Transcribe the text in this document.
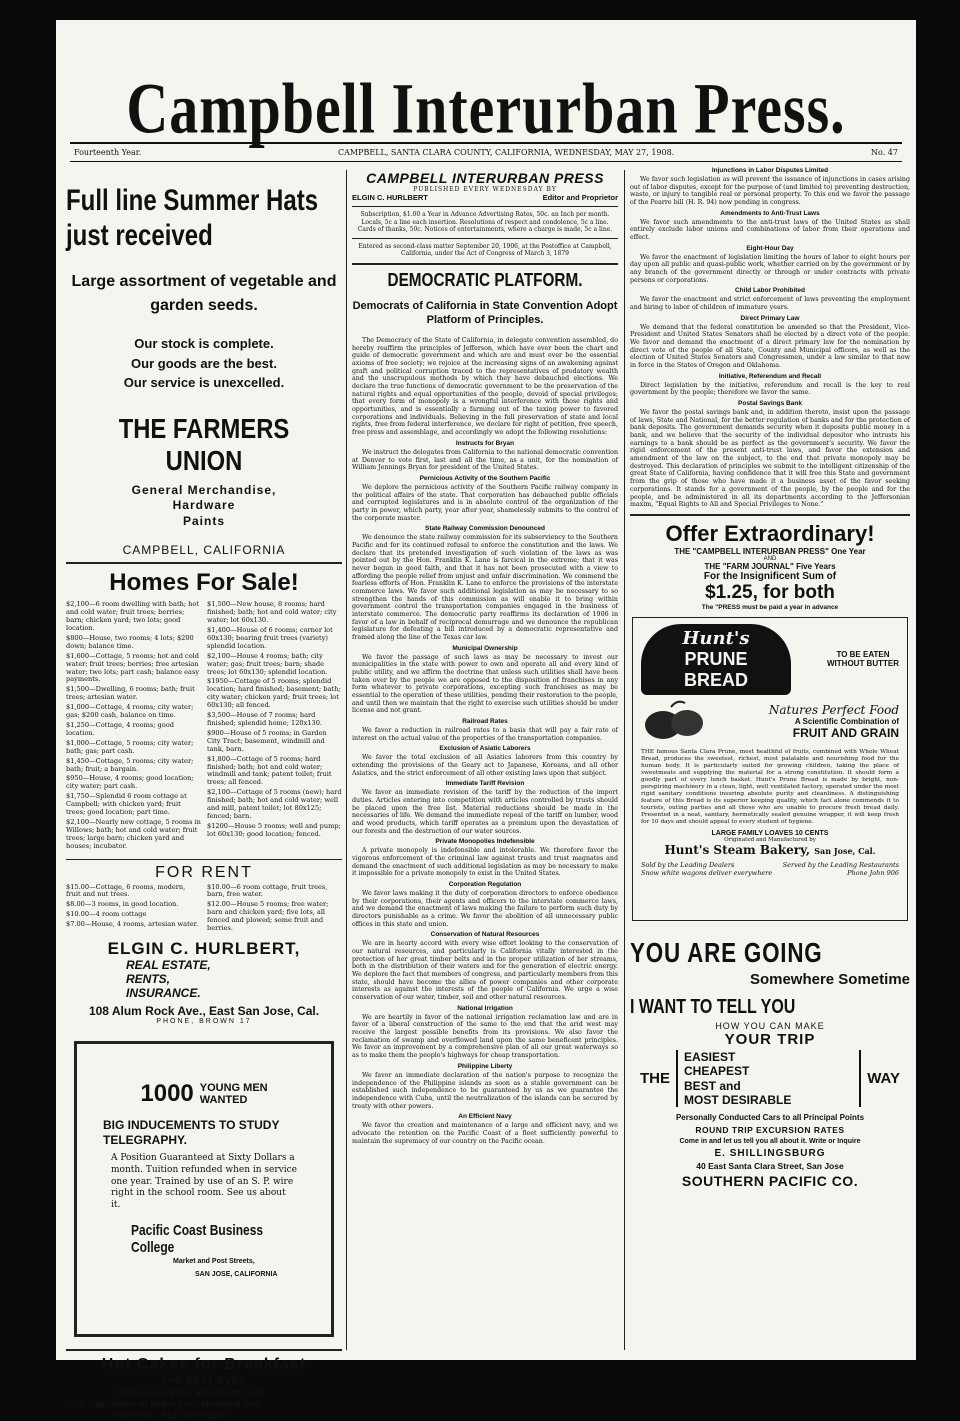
Campbell Interurban Press.
Fourteenth Year.	CAMPBELL, SANTA CLARA COUNTY, CALIFORNIA, WEDNESDAY, MAY 27, 1908.	No. 47
Full line Summer Hats just received
Large assortment of vegetable and garden seeds.
Our stock is complete.
Our goods are the best.
Our service is unexcelled.
THE FARMERS UNION
General Merchandise,
Hardware
Paints
CAMPBELL, CALIFORNIA
Homes For Sale!
$2,100—6 room dwelling with bath; hot and cold water; fruit trees; berries; barn; chicken yard; two lots; good location.
$800—House, two rooms; 4 lots; $200 down; balance time.
$1,600—Cottage, 5 rooms; hot and cold water; fruit trees; berries; free artesian water; two lots; part cash; balance easy payments.
$1,500—Dwelling, 6 rooms; bath; fruit trees; artesian water.
$1,000—Cottage, 4 rooms; city water; gas; $200 cash, balance on time.
$1,250—Cottage, 4 rooms; good location.
$1,000—Cottage, 5 rooms; city water; bath; gas; part cash.
$1,450—Cottage, 5 rooms; city water; bath; fruit; a bargain.
$950—House, 4 rooms; good location; city water; part cash.
$1,750—Splendid 6 room cottage at Campbell; with chicken yard; fruit trees; good location; part time.
$2,100—Nearly new cottage, 5 rooms in Willows; bath; hot and cold water; fruit trees; large barn; chicken yard and houses; incubator.
$1,500—New house, 8 rooms; hard finished; bath; hot and cold water; city water; lot 60x130.
$1,400—House of 6 rooms; corner lot 60x130; bearing fruit trees (variety) splendid location.
$2,100—House 4 rooms; bath; city water; gas; fruit trees; barn; shade trees; lot 60x130; splendid location.
$1950—Cottage of 5 rooms; splendid location; hard finished; basement; bath; city water; chicken yard; fruit trees; lot 60x130; all fenced.
$3,500—House of 7 rooms; hard finished; splendid home; 120x130.
$900—House of 5 rooms; in Garden City Tract; basement, windmill and tank, barn.
$1,800—Cottage of 5 rooms; hard finished; bath; hot and cold water; windmill and tank; patent toilet; fruit trees; all fenced.
$2,100—Cottage of 5 rooms (new); hard finished; bath; hot and cold water; well and mill, patent toilet; lot 80x125; fenced; barn.
$1200—House 5 rooms; well and pump; lot 60x130; good location; fenced.
FOR RENT
$15.00—Cottage, 6 rooms, modern, fruit and nut trees.
$8.00—3 rooms, in good location.
$10.00—4 room cottage
$7.00—House, 4 rooms, artesian water.
$10.00—6 room cottage, fruit trees, barn, free water.
$12.00—House 5 rooms; free water; barn and chicken yard; five lots, all fenced and plowed; some fruit and berries.
ELGIN C. HURLBERT,
REAL ESTATE,
RENTS,
INSURANCE.
108 Alum Rock Ave., East San Jose, Cal.
PHONE, BROWN 17
1000 YOUNG MEN
WANTED
BIG INDUCEMENTS TO STUDY TELEGRAPHY.
A Position Guaranteed at Sixty Dollars a month. Tuition refunded when in service one year. Trained by use of an S. P. wire right in the school room. See us about it.
Pacific Coast Business College
Market and Post Streets,
SAN JOSE, CALIFORNIA
Hot Cakes for Breakfast
THE BEST EVER
USE ❧
3 B. Pancake Flour Mixed with Cold
Water or Milk—Pure, Healthful and
Delicious. ALL GROCERS
CAMPBELL INTERURBAN PRESS
PUBLISHED EVERY WEDNESDAY BY
ELGIN C. HURLBERT	Editor and Proprietor
Subscription, $1.00 a Year in Advance Advertising Rates, 50c. an Inch per month. Locals, 5c a line each insertion. Resolutions of respect and condolence, 5c a line. Cards of thanks, 50c. Notices of entertainments, where a charge is made, 5c a line.
Entered as second-class matter September 20, 1906, at the Postoffice at Campbell, California, under the Act of Congress of March 3, 1879
DEMOCRATIC PLATFORM.
Democrats of California in State Convention Adopt Platform of Principles.
The Democracy of the State of California, in delegate convention assembled, do hereby reaffirm the principles of Jefferson, which have ever been the chart and guide of democratic government and which are and must ever be the essential axioms of free society; we rejoice at the increasing signs of an awakening against graft and political corruption traced to the representatives of predatory wealth and the unscrupulous methods by which they have debauched elections. We declare the true functions of democratic government to be the preservation of the natural rights and equal opportunities of the people, devoid of special privileges; that every form of monopoly is a wrongful interference with those rights and opportunities, and is essentially a farming out of the taxing power to favored corporations and individuals. Believing in the full preservation of state and local rights, free from federal interference, we declare for right of petition, free speech, free press and assemblage, and accordingly we adopt the following resolutions:
Instructs for Bryan
We instruct the delegates from California to the national democratic convention at Denver to vote first, last and all the time, as a unit, for the nomination of William Jennings Bryan for president of the United States.
Pernicious Activity of the Southern Pacific
We deplore the pernicious activity of the Southern Pacific railway company in the political affairs of the state. That corporation has debauched public officials and corrupted legislatures and is in absolute control of the organization of the party in power, which party, year after year, shamelessly submits to the control of the corporate master.
State Railway Commission Denounced
We denounce the state railway commission for its subserviency to the Southern Pacific and for its continued refusal to enforce the constitution and the laws. We declare that its pretended investigation of such violation of the laws as was pointed out by the Hon. Franklin K. Lane is farcical in the extreme; that it was never begun in good faith, and that it has not been prosecuted with a view to affording the people relief from unjust and unfair discrimination. We commend the fearless efforts of Hon. Franklin K. Lane to enforce the provisions of the interstate commerce laws. We favor such additional legislation as may be necessary to so strengthen the hands of this commission as will enable it to bring within government control the transportation companies engaged in the business of interstate commerce. The democratic party reaffirms its declaration of 1906 in favor of a law in behalf of reciprocal demurrage and we denounce the republican legislature for defeating a bill introduced by a democratic representative and framed along the line of the Texas car law.
Municipal Ownership
We favor the passage of such laws as may be necessary to invest our municipalities in the state with power to own and operate all and every kind of public utility, and we affirm the doctrine that unless such utilities shall have been taken over by the people we are opposed to the disposition of franchises in any form whatever to private corporations, excepting such franchises as may be essential to the operation of these utilities, pending their restoration to the people, and until then we maintain that the right to exercise such utilities should be under license and not grant.
Railroad Rates
We favor a reduction in railroad rates to a basis that will pay a fair rate of interest on the actual value of the properties of the transportation companies.
Exclusion of Asiatic Laborers
We favor the total exclusion of all Asiatics laborers from this country by extending the provisions of the Geary act to Japanese, Koreans, and all other Asiatics, and the strict enforcement of all other existing laws upon that subject.
Immediate Tariff Revision
We favor an immediate revision of the tariff by the reduction of the import duties. Articles entering into competition with articles controlled by trusts should be placed upon the free list. Material reductions should be made in the necessaries of life. We demand the immediate repeal of the tariff on lumber, wood and wood products, which tariff operates as a premium upon the devastation of our forests and the destruction of our water sources.
Private Monopolies Indefensible
A private monopoly is indefensible and intolerable. We therefore favor the vigorous enforcement of the criminal law against trusts and trust magnates and demand the enactment of such additional legislation as may be necessary to make it impossible for a private monopoly to exist in the United States.
Corporation Regulation
We favor laws making it the duty of corporation directors to enforce obedience by their corporations, their agents and officers to the interstate commerce laws, and we demand the enactment of laws making the failure to perform such duty by directors punishable as a crime. We favor the abolition of all unnecessary public offices in this state and union.
Conservation of Natural Resources
We are in hearty accord with every wise effort looking to the conservation of our natural resources, and particularly is California vitally interested in the protection of her great timber belts and in the proper utilization of her streams, both in the distribution of their waters and for the generation of electric energy. We deplore the fact that members of congress, and particularly members from this state, should have become the allies of power companies and other corporate interests as against the interests of the people of California. We urge a wise conservation of our water, timber, soil and other natural resources.
National Irrigation
We are heartily in favor of the national irrigation reclamation law and are in favor of a liberal construction of the same to the end that the arid west may receive the largest possible benefits from its provisions. We also favor the reclamation of swamp and overflowed land upon the same beneficent principles. We favor an improvement by a comprehensive plan of all our great waterways so as to make them the people's highways for cheap transportation.
Philippine Liberty
We favor an immediate declaration of the nation's purpose to recognize the independence of the Philippine islands as soon as a stable government can be established such independence to be guaranteed by us as we guarantee the independence with Cuba, until the neutralization of the islands can be secured by treaty with other powers.
An Efficient Navy
We favor the creation and maintenance of a large and efficient navy, and we advocate the retention on the Pacific Coast of a fleet sufficiently powerful to maintain the supremacy of our country on the Pacific ocean.
Injunctions in Labor Disputes Limited
We favor such legislation as will prevent the issuance of injunctions in cases arising out of labor disputes, except for the purpose of (and limited to) preventing destruction, waste, or injury to tangible real or personal property. To this end we favor the passage of the Pearre bill (H. R. 94) now pending in congress.
Amendments to Anti-Trust Laws
We favor such amendments to the anti-trust laws of the United States as shall entirely exclude labor unions and combinations of labor from their operations and effect.
Eight-Hour Day
We favor the enactment of legislation limiting the hours of labor to eight hours per day upon all public and quasi-public work, whether carried on by the government or by any branch of the government directly or through or under contracts with private persons or corporations.
Child Labor Prohibited
We favor the enactment and strict enforcement of laws preventing the employment and hiring to labor of children of immature years.
Direct Primary Law
We demand that the federal constitution be amended so that the President, Vice-President and United States Senators shall be elected by a direct vote of the people. We favor and demand the enactment of a direct primary law for the nomination by direct vote of the people of all State, County and Municipal officers, as well as the election of United States Senators and Congressmen, under a law similar to that now in force in the States of Oregon and Oklahoma.
Initiative, Referendum and Recall
Direct legislation by the initiative, referendum and recall is the key to real government by the people; therefore we favor the same.
Postal Savings Bank
We favor the postal savings bank and, in addition thereto, insist upon the passage of laws, State and National, for the better regulation of banks and for the protection of bank deposits. The government demands security when it deposits public money in a bank, and we believe that the security of the individual depositor who intrusts his earnings to a bank should be as perfect as the government's security. We favor the rigid enforcement of the present anti-trust laws, and favor the extension and amendment of the law on the subject, to the end that private monopoly may be destroyed. This declaration of principles we submit to the intelligent citizenship of the great State of California, having confidence that it will free this State and government from the grip of those who have made it a business asset of the favor seeking corporations. It stands for a government of the people, by the people and for the people, and be administered in all its departments according to the Jeffersonian maxim, "Equal Rights to All and Special Privileges to None."
Offer Extraordinary!
THE "CAMPBELL INTERURBAN PRESS" One Year
AND
THE "FARM JOURNAL" Five Years
For the Insignificent Sum of
$1.25, for both
The "PRESS must be paid a year in advance
Hunt's
PRUNE BREAD
TO BE EATEN
WITHOUT BUTTER
Natures Perfect Food
A Scientific Combination of
FRUIT AND GRAIN
THE famous Santa Clara Prune, most healthful of fruits, combined with Whole Wheat Bread, produces the sweetest, richest, most palatable and nourishing food for the human body. It is particularly suited for growing children, taking the place of sweetmeats and supplying the material for a strong constitution. It should form a goodly part of every lunch basket. Hunt's Prune Bread is made by bright, non-perspiring machinery in a clean, light, well ventilated factory, operated under the most rigid sanitary conditions insuring absolute purity and cleanliness. A distinguishing feature of this Bread is its superior keeping quality, which fact alone commends it to tourists, outing parties and all those who are unable to procure fresh bread daily. Presented in a neat, sanitary, hermetically sealed genuine wrapper, it will keep fresh for 10 days and should appeal to every student of hygiene.
LARGE FAMILY LOAVES 10 CENTS
Originated and Manufactured by
Hunt's Steam Bakery, San Jose, Cal.
Sold by the Leading Dealers
Snow white wagons deliver everywhere
Served by the Leading Restaurants
Phone John 906
YOU ARE GOING
Somewhere Sometime
I WANT TO TELL YOU
HOW YOU CAN MAKE
YOUR TRIP
THE
EASIEST
CHEAPEST
BEST and
MOST DESIRABLE
WAY
Personally Conducted Cars to all Principal Points
ROUND TRIP EXCURSION RATES
Come in and let us tell you all about it. Write or Inquire
E. SHILLINGSBURG
40 East Santa Clara Street, San Jose
SOUTHERN PACIFIC CO.
